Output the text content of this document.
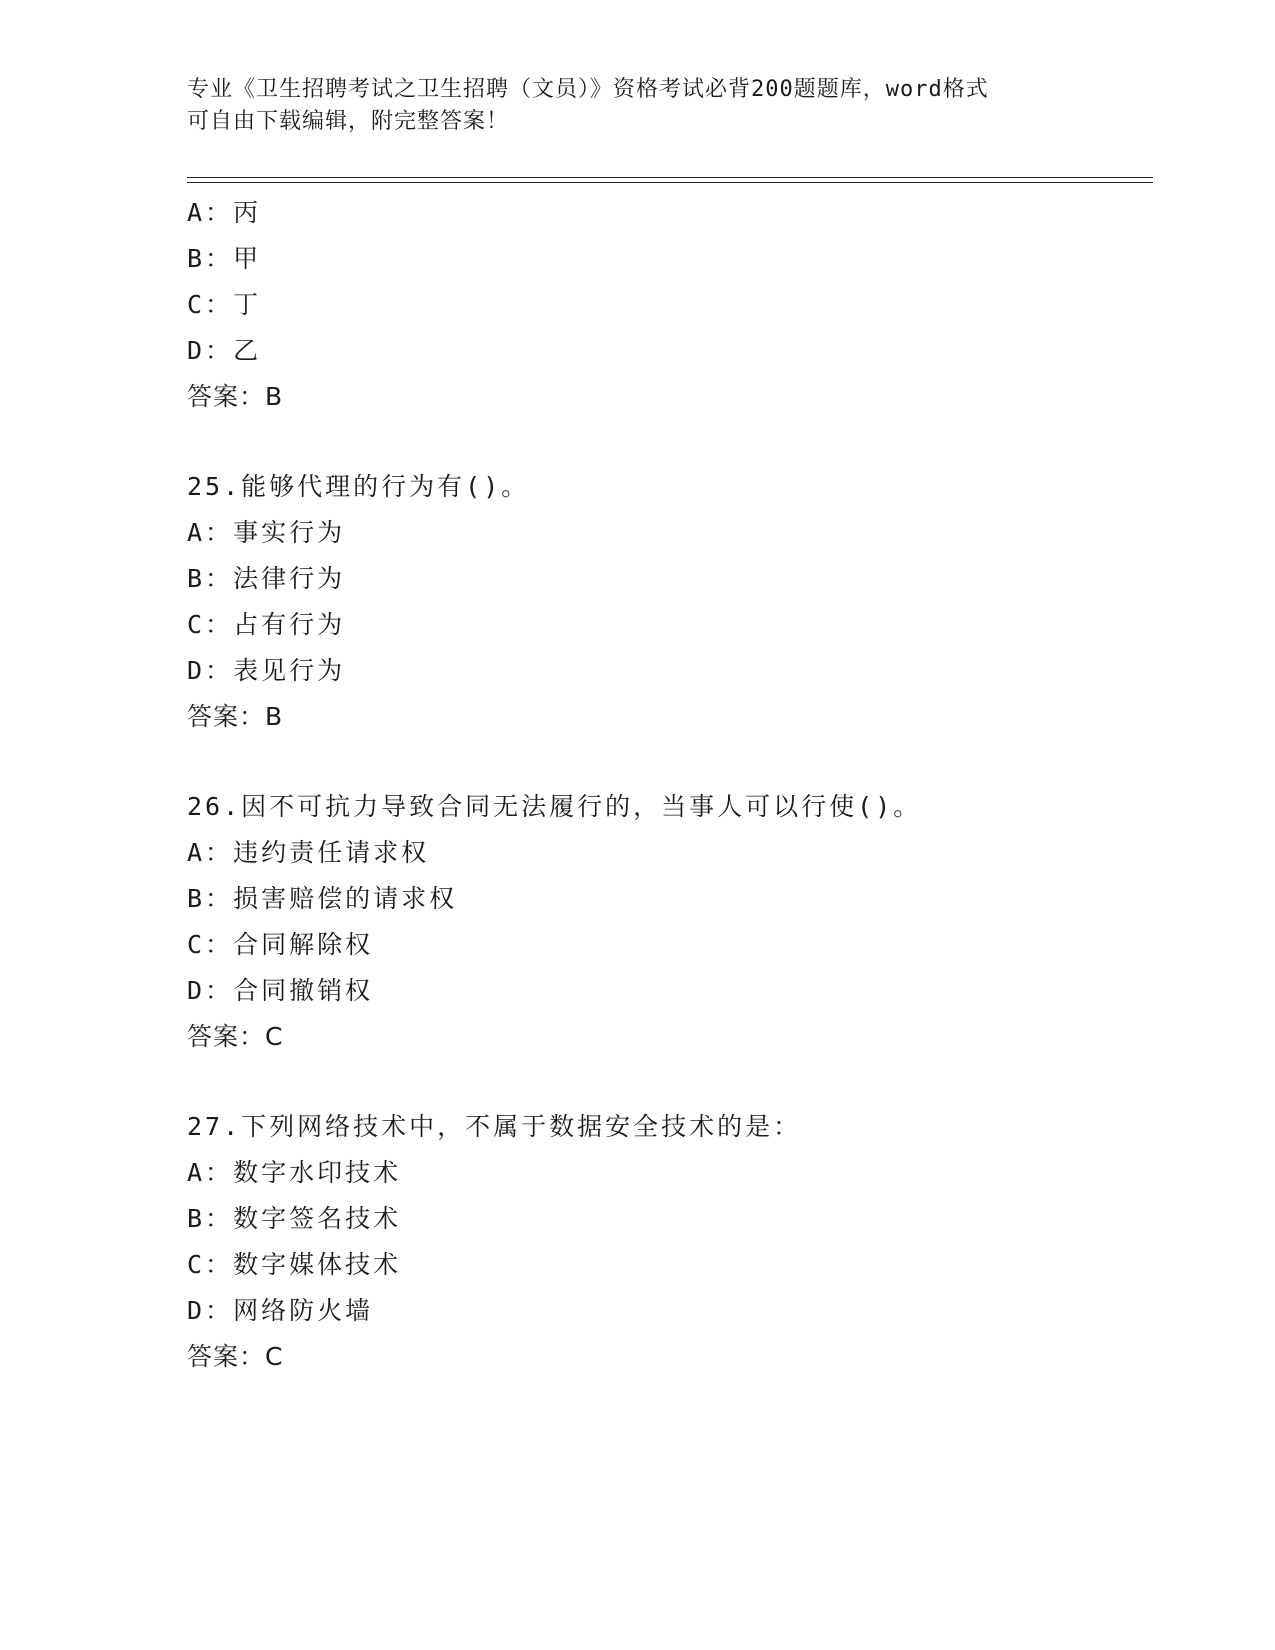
专业《卫生招聘考试之卫生招聘（文员）》资格考试必背200题题库，word格式
可自由下载编辑，附完整答案！
A：丙
B：甲
C：丁
D：乙
答案：B
25.能够代理的行为有()。
A：事实行为
B：法律行为
C：占有行为
D：表见行为
答案：B
26.因不可抗力导致合同无法履行的，当事人可以行使()。
A：违约责任请求权
B：损害赔偿的请求权
C：合同解除权
D：合同撤销权
答案：C
27.下列网络技术中，不属于数据安全技术的是：
A：数字水印技术
B：数字签名技术
C：数字媒体技术
D：网络防火墙
答案：C
